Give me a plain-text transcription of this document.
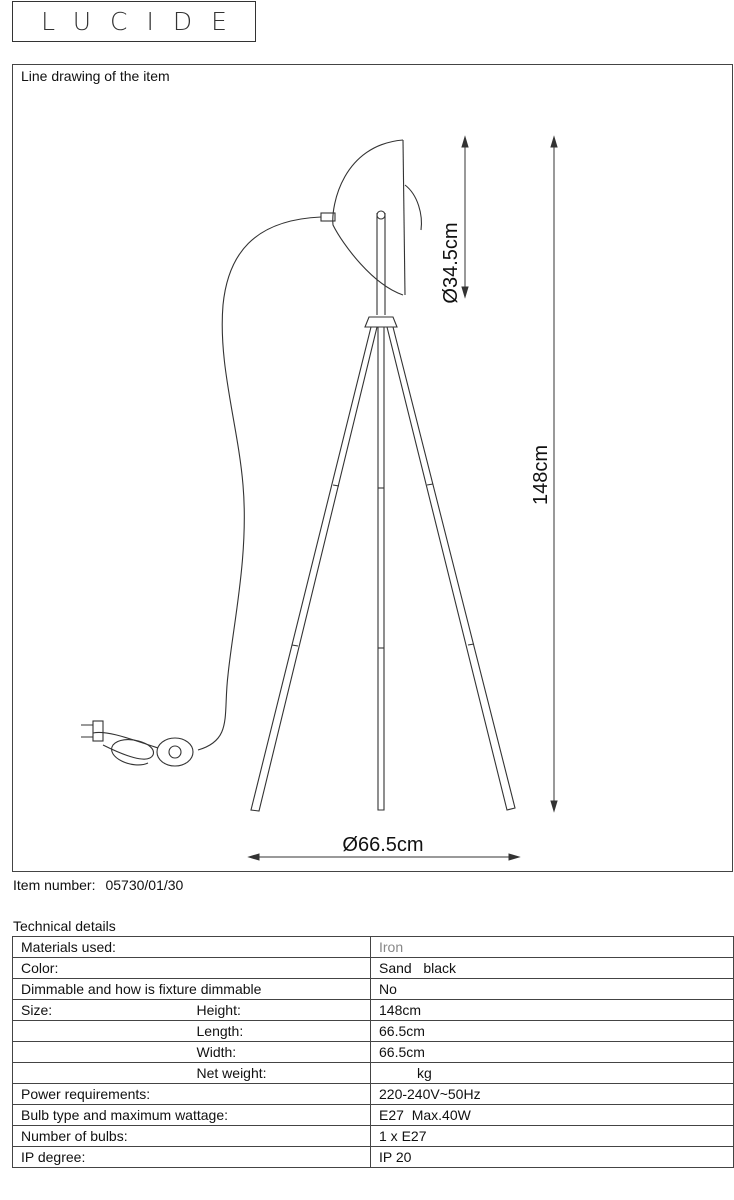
LUCIDE
Line drawing of the item
Ø34.5cm
148cm
Ø66.5cm
Item number: 05730/01/30
Technical details
Materials used:		Iron
Color:		Sand   black
Dimmable and how is fixture dimmable		No
Size:	Height:	148cm
	Length:	66.5cm
	Width:	66.5cm
	Net weight:	kg
Power requirements:		220-240V~50Hz
Bulb type and maximum wattage:		E27  Max.40W
Number of bulbs:		1 x E27
IP degree:		IP 20
